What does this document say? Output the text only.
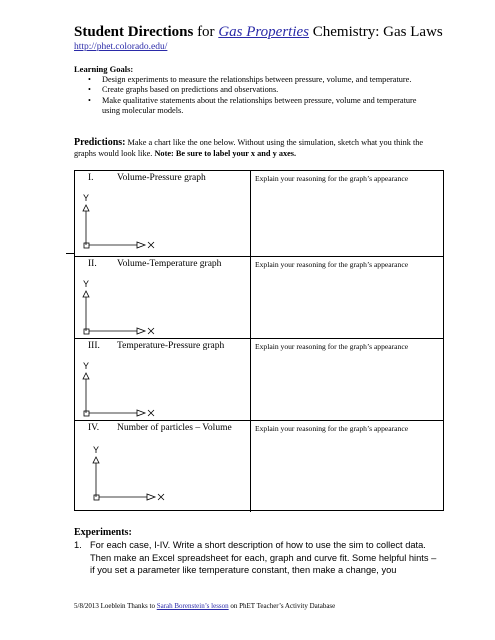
Student Directions for Gas Properties Chemistry: Gas Laws
http://phet.colorado.edu/
Learning Goals:
• Design experiments to measure the relationships between pressure, volume, and temperature.
• Create graphs based on predictions and observations.
• Make qualitative statements about the relationships between pressure, volume and temperature using molecular models.
Predictions: Make a chart like the one below. Without using the simulation, sketch what you think the graphs would look like. Note: Be sure to label your x and y axes.
I. Volume-Pressure graph	Explain your reasoning for the graph’s appearance
Y
II. Volume-Temperature graph	Explain your reasoning for the graph’s appearance
Y
III. Temperature-Pressure graph	Explain your reasoning for the graph’s appearance
Y
IV. Number of particles – Volume	Explain your reasoning for the graph’s appearance
Y
Experiments:

1. For each case, I-IV. Write a short description of how to use the sim to collect data. Then make an Excel spreadsheet for each, graph and curve fit. Some helpful hints – if you set a parameter like temperature constant, then make a change, you

5/8/2013 Loeblein Thanks to Sarah Borenstein’s lesson on PhET Teacher’s Activity Database
